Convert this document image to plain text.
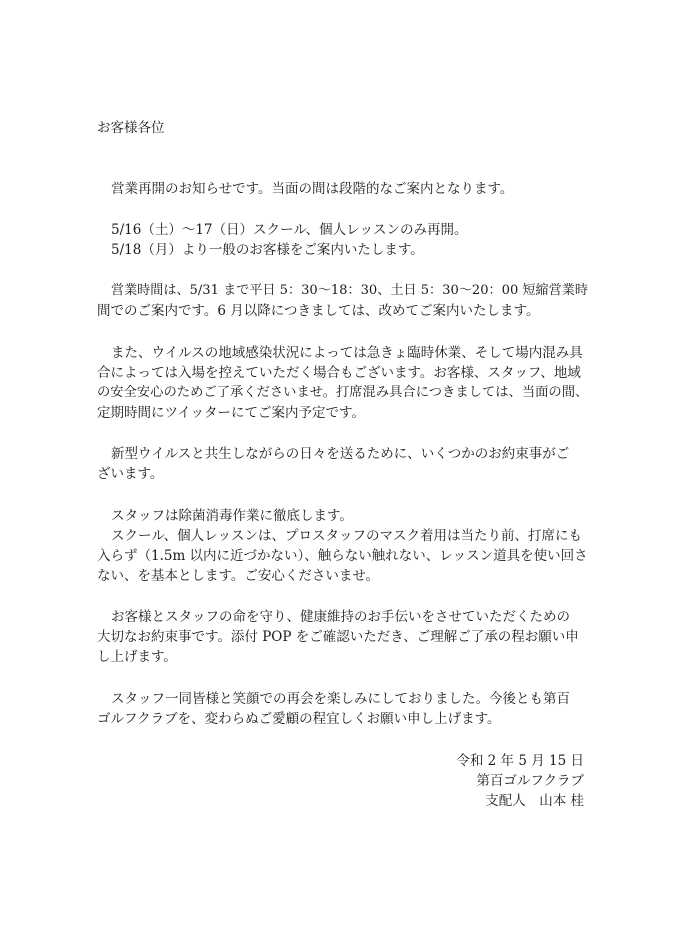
お客様各位
営業再開のお知らせです。当面の間は段階的なご案内となります。
5/16（土）～17（日）スクール、個人レッスンのみ再開。
5/18（月）より一般のお客様をご案内いたします。
営業時間は、5/31 まで平日 5：30～18：30、土日 5：30～20：00 短縮営業時
間でのご案内です。6 月以降につきましては、改めてご案内いたします。
また、ウイルスの地域感染状況によっては急きょ臨時休業、そして場内混み具
合によっては入場を控えていただく場合もございます。お客様、スタッフ、地域
の安全安心のためご了承くださいませ。打席混み具合につきましては、当面の間、
定期時間にツイッターにてご案内予定です。
新型ウイルスと共生しながらの日々を送るために、いくつかのお約束事がご
ざいます。
スタッフは除菌消毒作業に徹底します。
スクール、個人レッスンは、プロスタッフのマスク着用は当たり前、打席にも
入らず（1.5m 以内に近づかない）、触らない触れない、レッスン道具を使い回さ
ない、を基本とします。ご安心くださいませ。
お客様とスタッフの命を守り、健康維持のお手伝いをさせていただくための
大切なお約束事です。添付 POP をご確認いただき、ご理解ご了承の程お願い申
し上げます。
スタッフ一同皆様と笑顔での再会を楽しみにしておりました。今後とも第百
ゴルフクラブを、変わらぬご愛顧の程宜しくお願い申し上げます。
令和 2 年 5 月 15 日
第百ゴルフクラブ
支配人　山本 桂
